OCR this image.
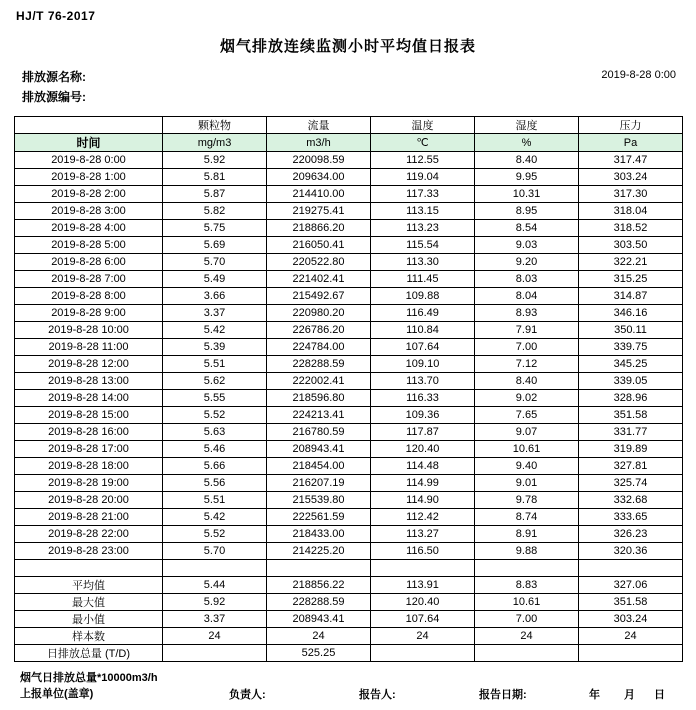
HJ/T 76-2017
烟气排放连续监测小时平均值日报表
排放源名称:	2019-8-28 0:00
排放源编号:
	颗粒物	流量	温度	湿度	压力
时间	mg/m3	m3/h	℃	%	Pa
2019-8-28 0:00	5.92	220098.59	112.55	8.40	317.47
2019-8-28 1:00	5.81	209634.00	119.04	9.95	303.24
2019-8-28 2:00	5.87	214410.00	117.33	10.31	317.30
2019-8-28 3:00	5.82	219275.41	113.15	8.95	318.04
2019-8-28 4:00	5.75	218866.20	113.23	8.54	318.52
2019-8-28 5:00	5.69	216050.41	115.54	9.03	303.50
2019-8-28 6:00	5.70	220522.80	113.30	9.20	322.21
2019-8-28 7:00	5.49	221402.41	111.45	8.03	315.25
2019-8-28 8:00	3.66	215492.67	109.88	8.04	314.87
2019-8-28 9:00	3.37	220980.20	116.49	8.93	346.16
2019-8-28 10:00	5.42	226786.20	110.84	7.91	350.11
2019-8-28 11:00	5.39	224784.00	107.64	7.00	339.75
2019-8-28 12:00	5.51	228288.59	109.10	7.12	345.25
2019-8-28 13:00	5.62	222002.41	113.70	8.40	339.05
2019-8-28 14:00	5.55	218596.80	116.33	9.02	328.96
2019-8-28 15:00	5.52	224213.41	109.36	7.65	351.58
2019-8-28 16:00	5.63	216780.59	117.87	9.07	331.77
2019-8-28 17:00	5.46	208943.41	120.40	10.61	319.89
2019-8-28 18:00	5.66	218454.00	114.48	9.40	327.81
2019-8-28 19:00	5.56	216207.19	114.99	9.01	325.74
2019-8-28 20:00	5.51	215539.80	114.90	9.78	332.68
2019-8-28 21:00	5.42	222561.59	112.42	8.74	333.65
2019-8-28 22:00	5.52	218433.00	113.27	8.91	326.23
2019-8-28 23:00	5.70	214225.20	116.50	9.88	320.36

平均值	5.44	218856.22	113.91	8.83	327.06
最大值	5.92	228288.59	120.40	10.61	351.58
最小值	3.37	208943.41	107.64	7.00	303.24
样本数	24	24	24	24	24
日排放总量 (T/D)		525.25			
烟气日排放总量*10000m3/h
上报单位(盖章)	负责人:	报告人:	报告日期:	年 月 日
